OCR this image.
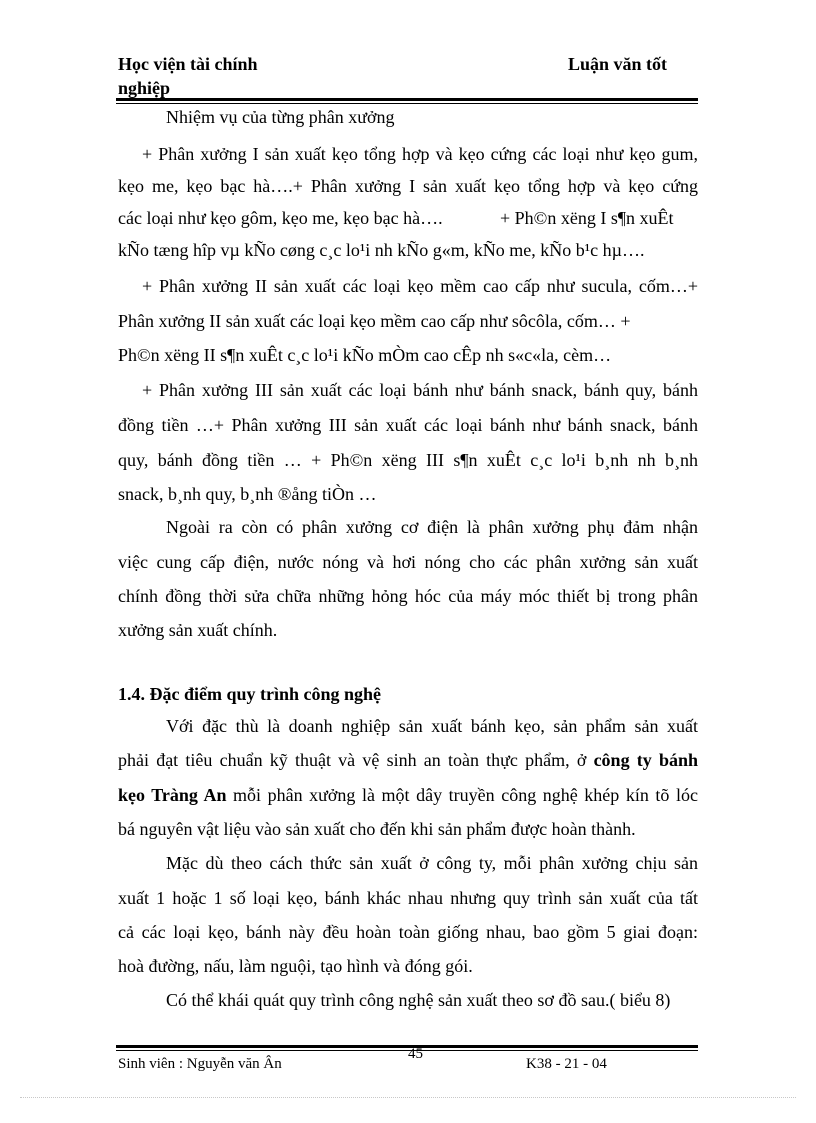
Học viện tài chính	Luận văn tốt
nghiệp
Nhiệm vụ của từng phân xưởng
+ Phân xưởng I sản xuất kẹo tổng hợp và kẹo cứng các loại như kẹo gum,
kẹo me, kẹo bạc hà….+ Phân xưởng I sản xuất kẹo tổng hợp và kẹo cứng
các loại như kẹo gôm, kẹo me, kẹo bạc hà….	+ Ph©n xëng I s¶n xuÊt
kÑo tæng hîp vµ kÑo cøng c¸c lo¹i nh kÑo g«m, kÑo me, kÑo b¹c hµ….
+ Phân xưởng II sản xuất các loại kẹo mềm cao cấp như sucula, cốm…+
Phân xưởng II sản xuất các loại kẹo mềm cao cấp như sôcôla, cốm… +
Ph©n xëng II s¶n xuÊt c¸c lo¹i kÑo mÒm cao cÊp nh s«c«la, cèm…
+ Phân xưởng III sản xuất các loại bánh như bánh snack, bánh quy, bánh
đồng tiền …+ Phân xưởng III sản xuất các loại bánh như bánh snack, bánh
quy, bánh đồng tiền … + Ph©n xëng III s¶n xuÊt c¸c lo¹i b¸nh nh b¸nh
snack, b¸nh quy, b¸nh ®ång tiÒn …
Ngoài ra còn có phân xưởng cơ điện là phân xưởng phụ đảm nhận
việc cung cấp điện, nước nóng và hơi nóng cho các phân xưởng sản xuất
chính đồng thời sửa chữa những hỏng hóc của máy móc thiết bị trong phân
xưởng sản xuất chính.
1.4. Đặc điểm quy trình công nghệ
Với đặc thù là doanh nghiệp sản xuất bánh kẹo, sản phẩm sản xuất
phải đạt tiêu chuẩn kỹ thuật và vệ sinh an toàn thực phẩm, ở công ty bánh
kẹo Tràng An mỗi phân xưởng là một dây truyền công nghệ khép kín tõ lóc
bá nguyên vật liệu vào sản xuất cho đến khi sản phẩm được hoàn thành.
Mặc dù theo cách thức sản xuất ở công ty, mỗi phân xưởng chịu sản
xuất 1 hoặc 1 số loại kẹo, bánh khác nhau nhưng quy trình sản xuất của tất
cả các loại kẹo, bánh này đều hoàn toàn giống nhau, bao gồm 5 giai đoạn:
hoà đường, nấu, làm nguội, tạo hình và đóng gói.
Có thể khái quát quy trình công nghệ sản xuất theo sơ đồ sau.( biểu 8)
Sinh viên : Nguyễn văn Ân
45
K38 - 21 - 04
